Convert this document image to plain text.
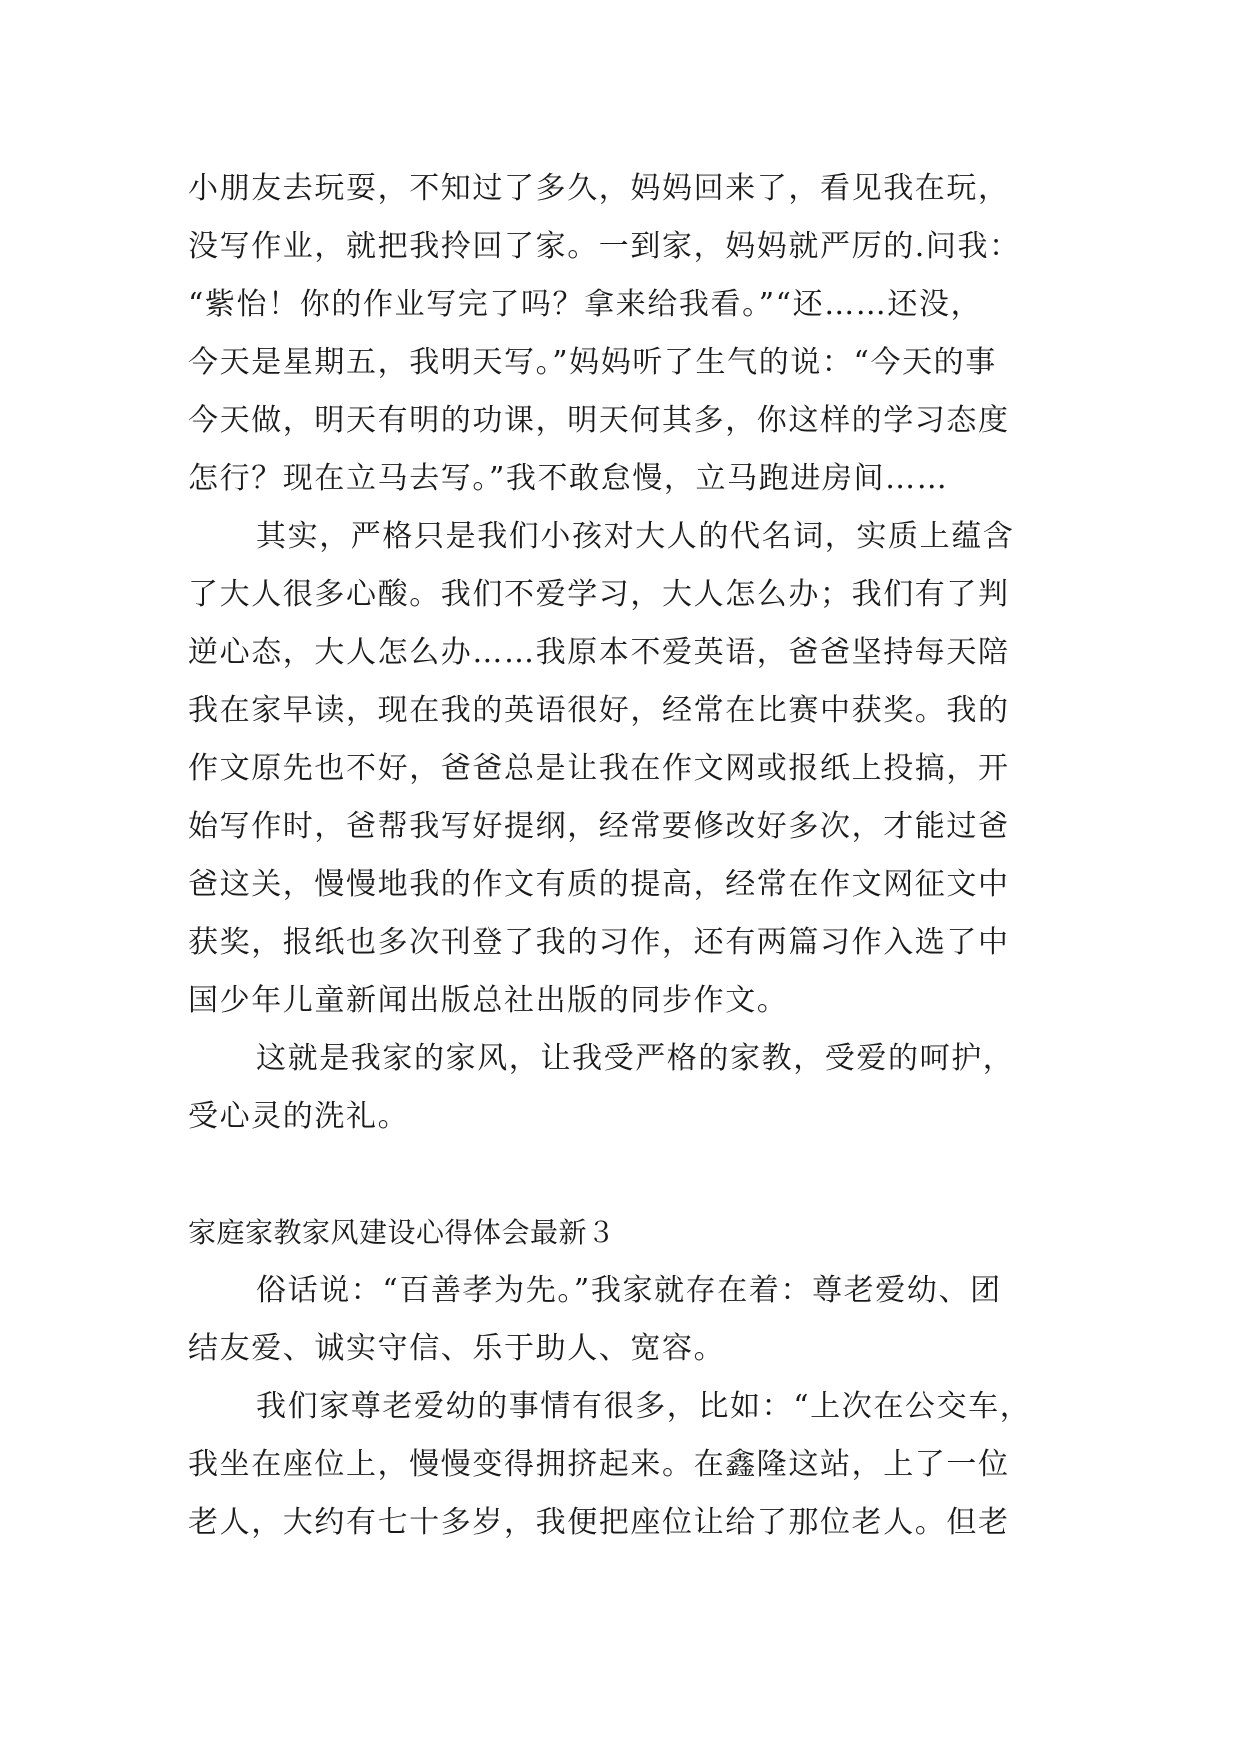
小朋友去玩耍，不知过了多久，妈妈回来了，看见我在玩，
没写作业，就把我拎回了家。一到家，妈妈就严厉的.问我：
“紫怡！你的作业写完了吗？拿来给我看。”“还……还没，
今天是星期五，我明天写。”妈妈听了生气的说：“今天的事
今天做，明天有明的功课，明天何其多，你这样的学习态度
怎行？现在立马去写。”我不敢怠慢，立马跑进房间……
其实，严格只是我们小孩对大人的代名词，实质上蕴含
了大人很多心酸。我们不爱学习，大人怎么办；我们有了判
逆心态，大人怎么办……我原本不爱英语，爸爸坚持每天陪
我在家早读，现在我的英语很好，经常在比赛中获奖。我的
作文原先也不好，爸爸总是让我在作文网或报纸上投搞，开
始写作时，爸帮我写好提纲，经常要修改好多次，才能过爸
爸这关，慢慢地我的作文有质的提高，经常在作文网征文中
获奖，报纸也多次刊登了我的习作，还有两篇习作入选了中
国少年儿童新闻出版总社出版的同步作文。
这就是我家的家风，让我受严格的家教，受爱的呵护，
受心灵的洗礼。
家庭家教家风建设心得体会最新３
俗话说：“百善孝为先。”我家就存在着：尊老爱幼、团
结友爱、诚实守信、乐于助人、宽容。
我们家尊老爱幼的事情有很多，比如：“上次在公交车，
我坐在座位上，慢慢变得拥挤起来。在鑫隆这站，上了一位
老人，大约有七十多岁，我便把座位让给了那位老人。但老
